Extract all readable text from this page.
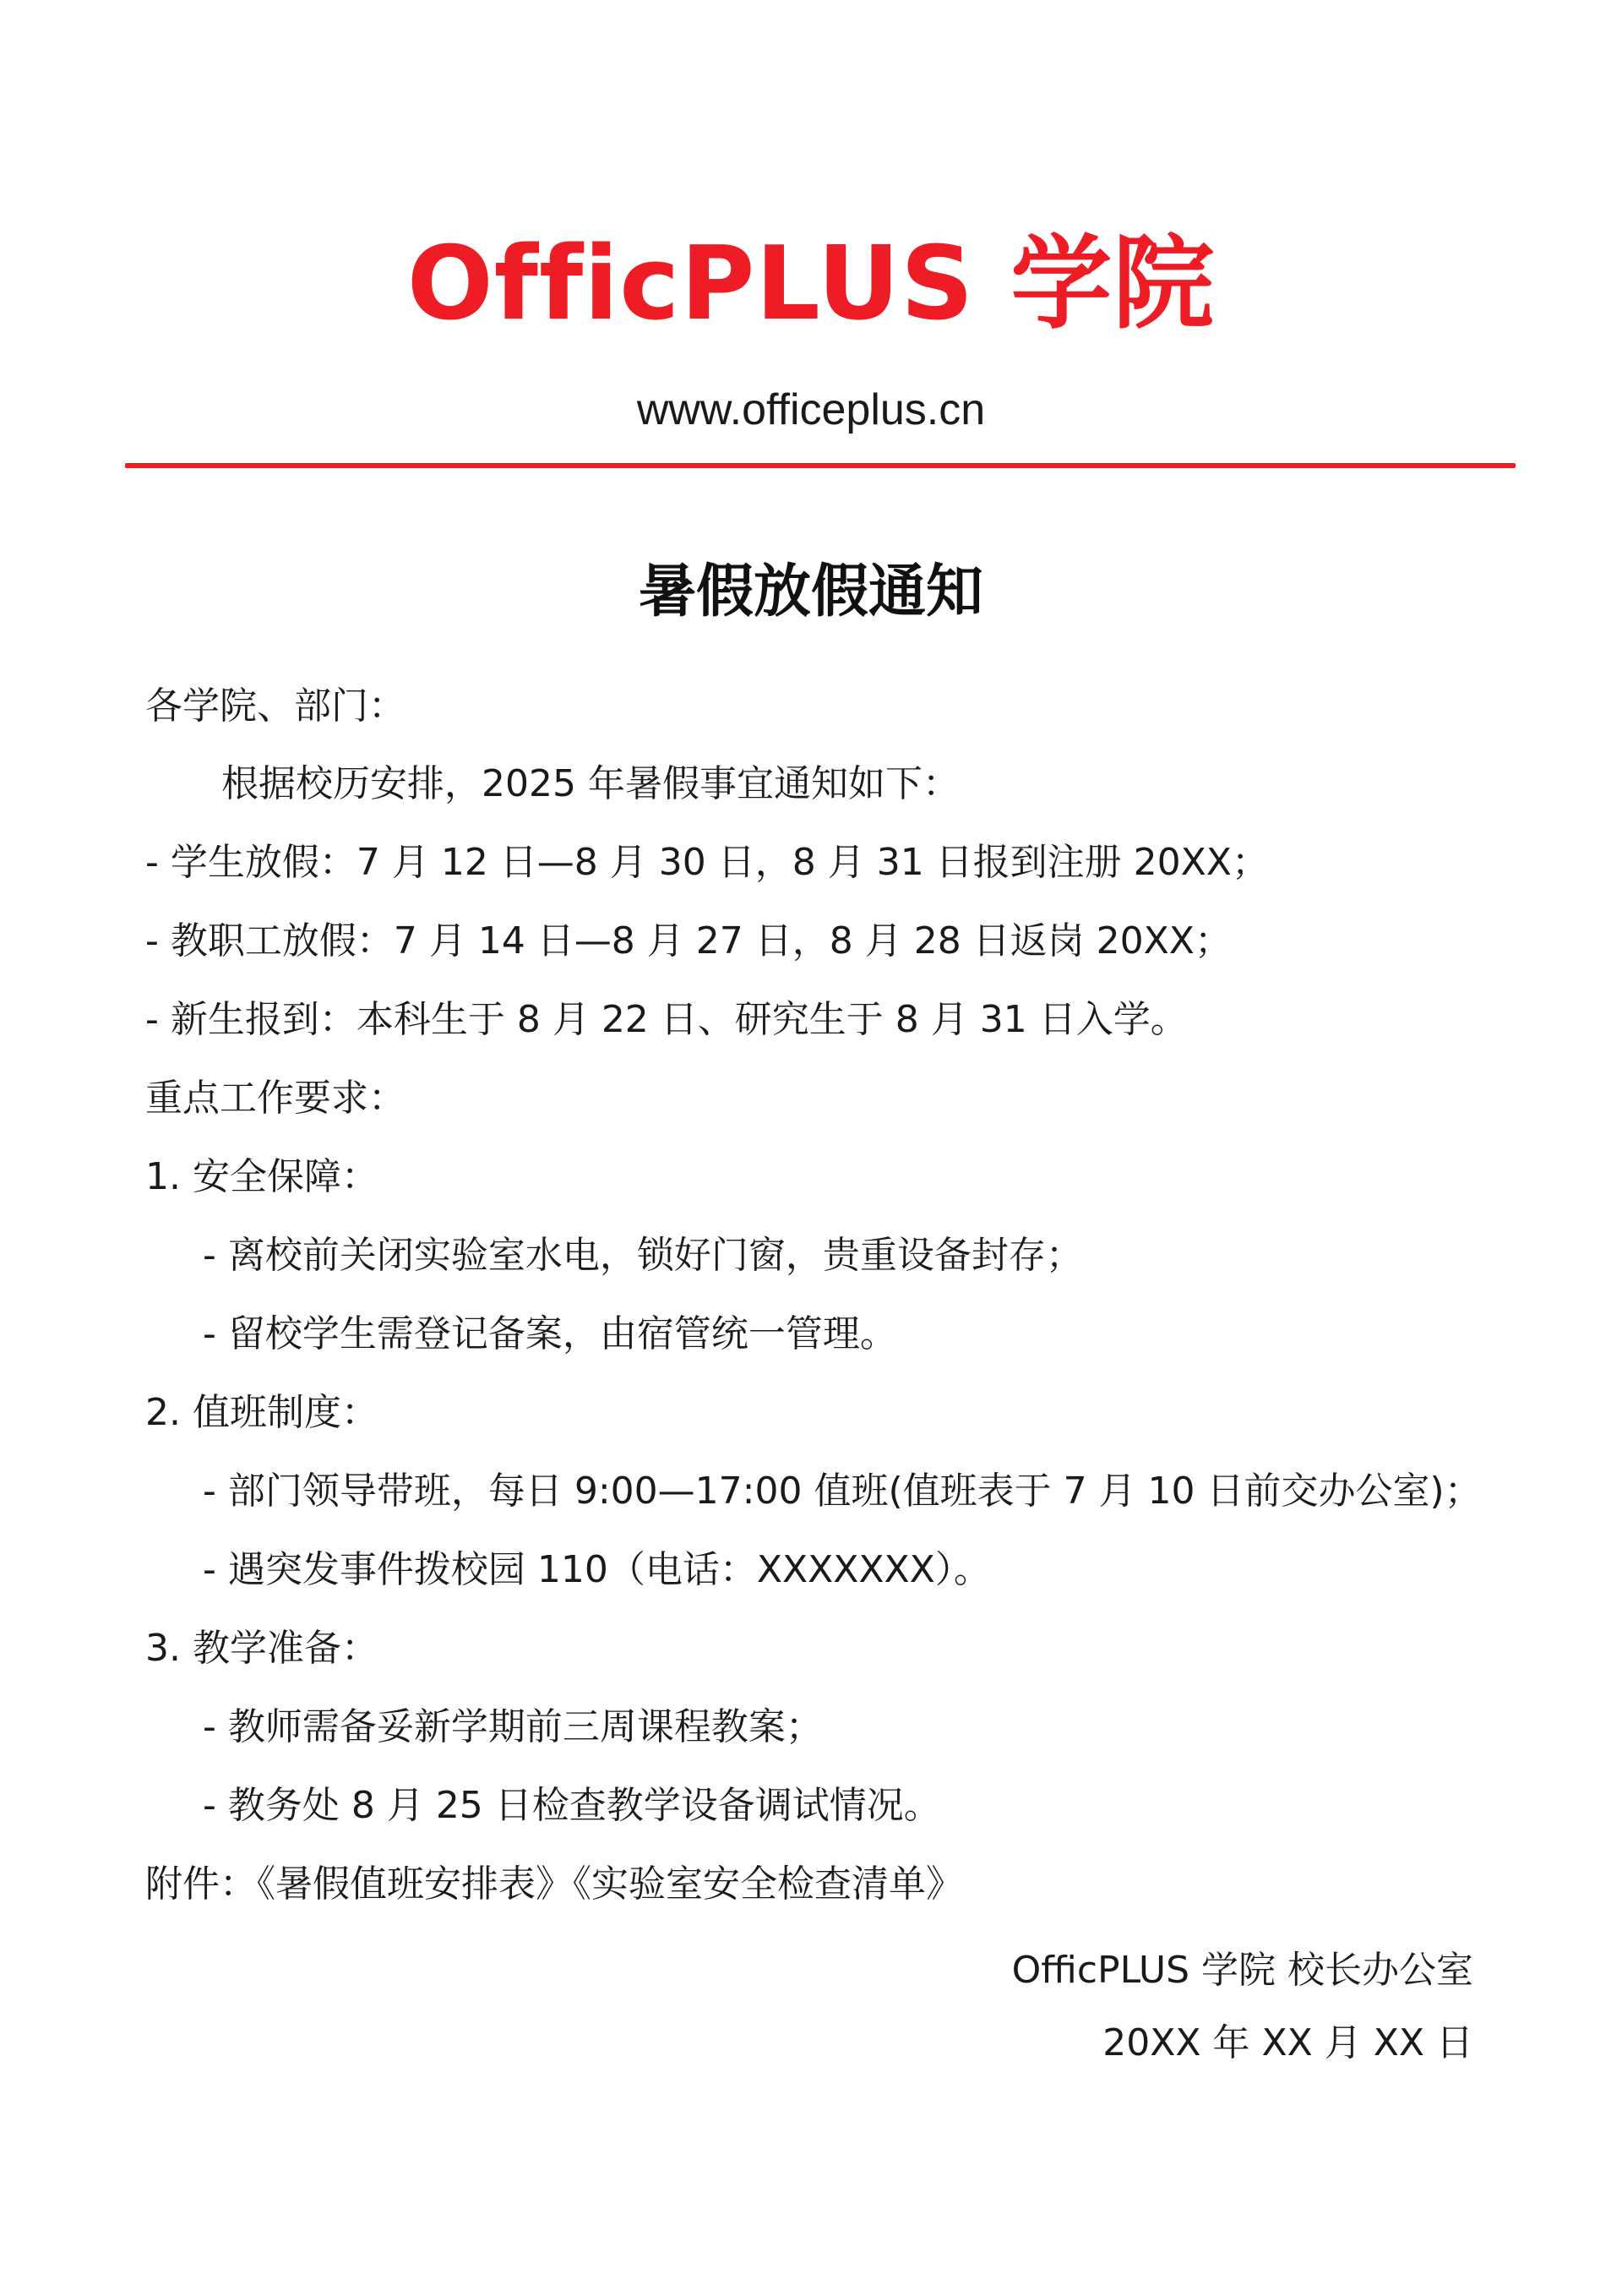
OfficPLUS 学院
www.officeplus.cn
暑假放假通知
各学院、部门：
根据校历安排，2025 年暑假事宜通知如下：
- 学生放假：7 月 12 日—8 月 30 日，8 月 31 日报到注册 20XX；
- 教职工放假：7 月 14 日—8 月 27 日，8 月 28 日返岗 20XX；
- 新生报到：本科生于 8 月 22 日、研究生于 8 月 31 日入学。
重点工作要求：
1. 安全保障：
- 离校前关闭实验室水电，锁好门窗，贵重设备封存；
- 留校学生需登记备案，由宿管统一管理。
2. 值班制度：
- 部门领导带班，每日 9:00—17:00 值班(值班表于 7 月 10 日前交办公室)；
- 遇突发事件拨校园 110（电话：XXXXXXX）。
3. 教学准备：
- 教师需备妥新学期前三周课程教案；
- 教务处 8 月 25 日检查教学设备调试情况。
附件：《暑假值班安排表》《实验室安全检查清单》
OfficPLUS 学院 校长办公室
20XX 年 XX 月 XX 日
